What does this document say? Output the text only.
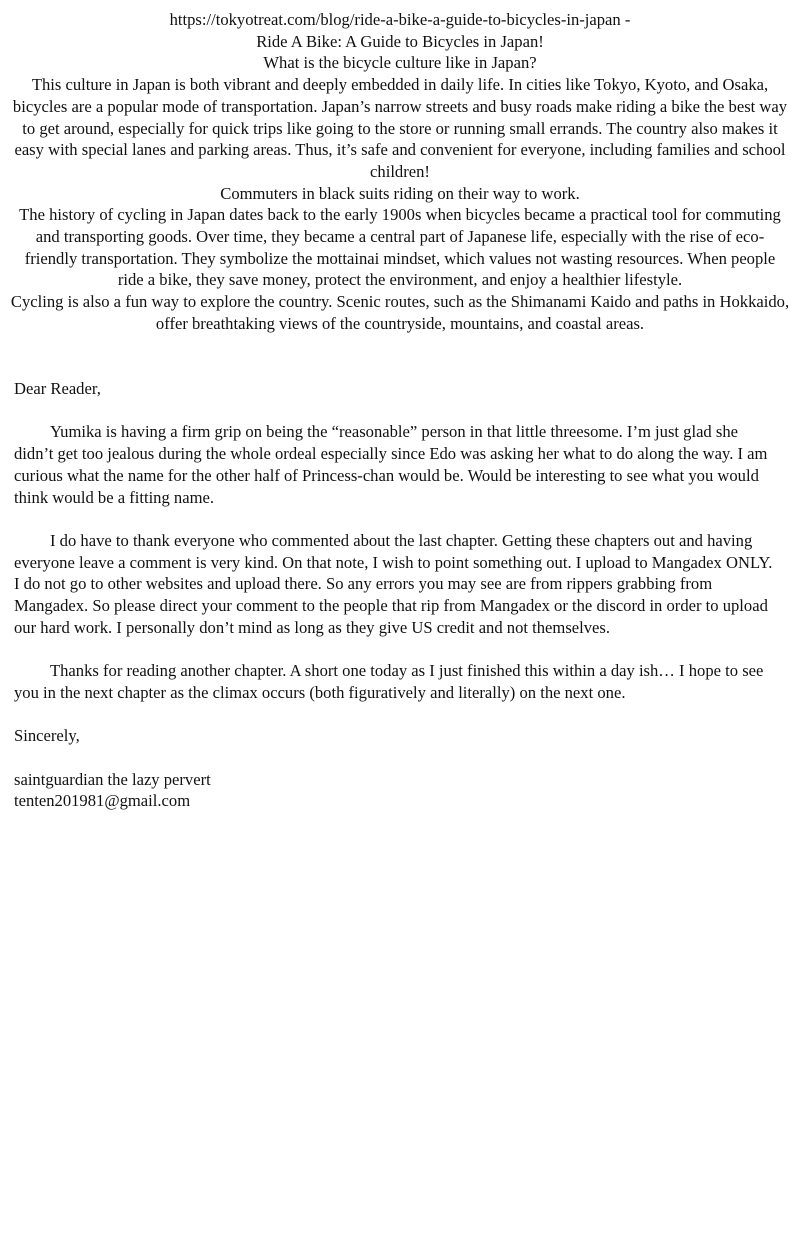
https://tokyotreat.com/blog/ride-a-bike-a-guide-to-bicycles-in-japan -

Ride A Bike: A Guide to Bicycles in Japan!

What is the bicycle culture like in Japan?

This culture in Japan is both vibrant and deeply embedded in daily life. In cities like Tokyo, Kyoto, and Osaka, bicycles are a popular mode of transportation. Japan’s narrow streets and busy roads make riding a bike the best way to get around, especially for quick trips like going to the store or running small errands. The country also makes it easy with special lanes and parking areas. Thus, it’s safe and convenient for everyone, including families and school children!

Commuters in black suits riding on their way to work.

The history of cycling in Japan dates back to the early 1900s when bicycles became a practical tool for commuting and transporting goods. Over time, they became a central part of Japanese life, especially with the rise of eco-friendly transportation. They symbolize the mottainai mindset, which values not wasting resources. When people ride a bike, they save money, protect the environment, and enjoy a healthier lifestyle.

Cycling is also a fun way to explore the country. Scenic routes, such as the Shimanami Kaido and paths in Hokkaido, offer breathtaking views of the countryside, mountains, and coastal areas.

Dear Reader,

Yumika is having a firm grip on being the “reasonable” person in that little threesome. I’m just glad she didn’t get too jealous during the whole ordeal especially since Edo was asking her what to do along the way. I am curious what the name for the other half of Princess-chan would be. Would be interesting to see what you would think would be a fitting name.

I do have to thank everyone who commented about the last chapter. Getting these chapters out and having everyone leave a comment is very kind. On that note, I wish to point something out. I upload to Mangadex ONLY. I do not go to other websites and upload there. So any errors you may see are from rippers grabbing from Mangadex. So please direct your comment to the people that rip from Mangadex or the discord in order to upload our hard work. I personally don’t mind as long as they give US credit and not themselves.

Thanks for reading another chapter. A short one today as I just finished this within a day ish… I hope to see you in the next chapter as the climax occurs (both figuratively and literally) on the next one.

Sincerely,

saintguardian the lazy pervert

tenten201981@gmail.com
